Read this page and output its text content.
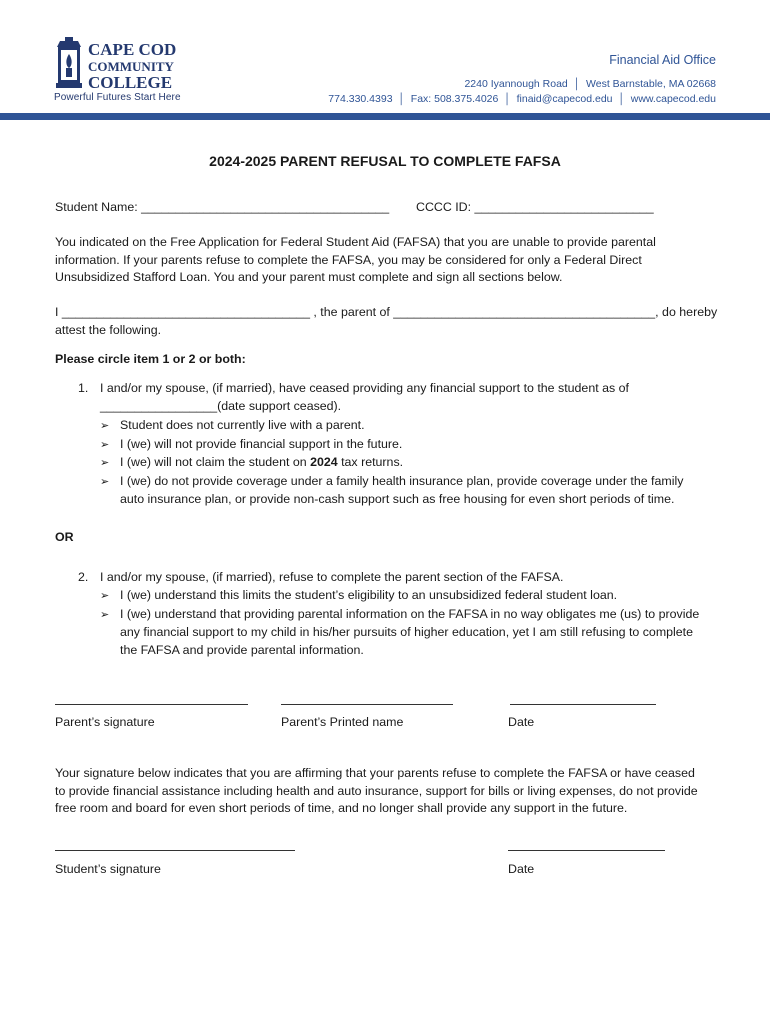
CAPE COD
COMMUNITY
COLLEGE
Powerful Futures Start Here
Financial Aid Office
2240 Iyannough Road  │  West Barnstable, MA 02668
774.330.4393  │  Fax: 508.375.4026  │  finaid@capecod.edu  │  www.capecod.edu
2024-2025 PARENT REFUSAL TO COMPLETE FAFSA
Student Name: ____________________________________ CCCC ID: __________________________
You indicated on the Free Application for Federal Student Aid (FAFSA) that you are unable to provide parental
information. If your parents refuse to complete the FAFSA, you may be considered for only a Federal Direct
Unsubsidized Stafford Loan. You and your parent must complete and sign all sections below.
I ____________________________________ , the parent of ______________________________________, do hereby
attest the following.
Please circle item 1 or 2 or both:
1. I and/or my spouse, (if married), have ceased providing any financial support to the student as of
_________________(date support ceased).
➢ Student does not currently live with a parent.
➢ I (we) will not provide financial support in the future.
➢ I (we) will not claim the student on 2024 tax returns.
➢ I (we) do not provide coverage under a family health insurance plan, provide coverage under the family
auto insurance plan, or provide non-cash support such as free housing for even short periods of time.
OR
2. I and/or my spouse, (if married), refuse to complete the parent section of the FAFSA.
➢ I (we) understand this limits the student’s eligibility to an unsubsidized federal student loan.
➢ I (we) understand that providing parental information on the FAFSA in no way obligates me (us) to provide
any financial support to my child in his/her pursuits of higher education, yet I am still refusing to complete
the FAFSA and provide parental information.
Parent’s signature	Parent’s Printed name	Date
Your signature below indicates that you are affirming that your parents refuse to complete the FAFSA or have ceased
to provide financial assistance including health and auto insurance, support for bills or living expenses, do not provide
free room and board for even short periods of time, and no longer shall provide any support in the future.
Student’s signature	Date
